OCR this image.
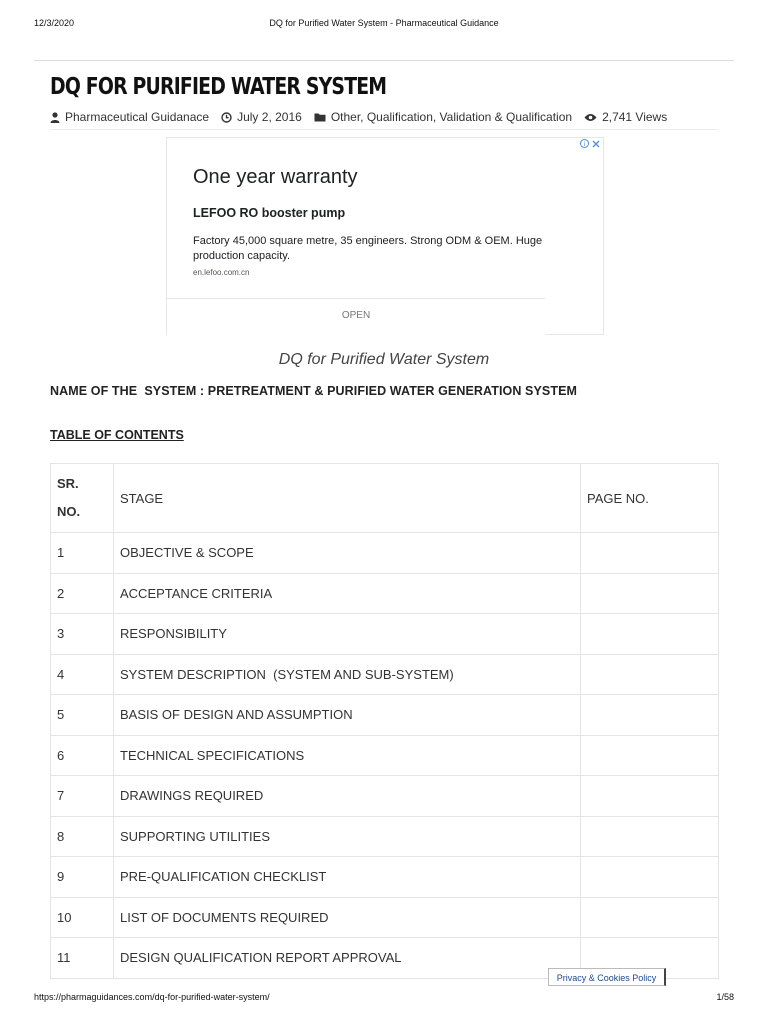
12/3/2020	DQ for Purified Water System - Pharmaceutical Guidance
DQ FOR PURIFIED WATER SYSTEM
Pharmaceutical Guidanace July 2, 2016 Other, Qualification, Validation & Qualification	2,741 Views
i

One year warranty
LEFOO RO booster pump
Factory 45,000 square metre, 35 engineers. Strong ODM & OEM. Huge production capacity.
en.lefoo.com.cn
OPEN
DQ for Purified Water System
NAME OF THE  SYSTEM : PRETREATMENT & PURIFIED WATER GENERATION SYSTEM
TABLE OF CONTENTS
SR.
NO.	STAGE	PAGE NO.
1	OBJECTIVE & SCOPE	
2	ACCEPTANCE CRITERIA	
3	RESPONSIBILITY	
4	SYSTEM DESCRIPTION  (SYSTEM AND SUB-SYSTEM)	
5	BASIS OF DESIGN AND ASSUMPTION	
6	TECHNICAL SPECIFICATIONS	
7	DRAWINGS REQUIRED	
8	SUPPORTING UTILITIES	
9	PRE-QUALIFICATION CHECKLIST	
10	LIST OF DOCUMENTS REQUIRED	
11	DESIGN QUALIFICATION REPORT APPROVAL	
Privacy & Cookies Policy
https://pharmaguidances.com/dq-for-purified-water-system/	1/58
